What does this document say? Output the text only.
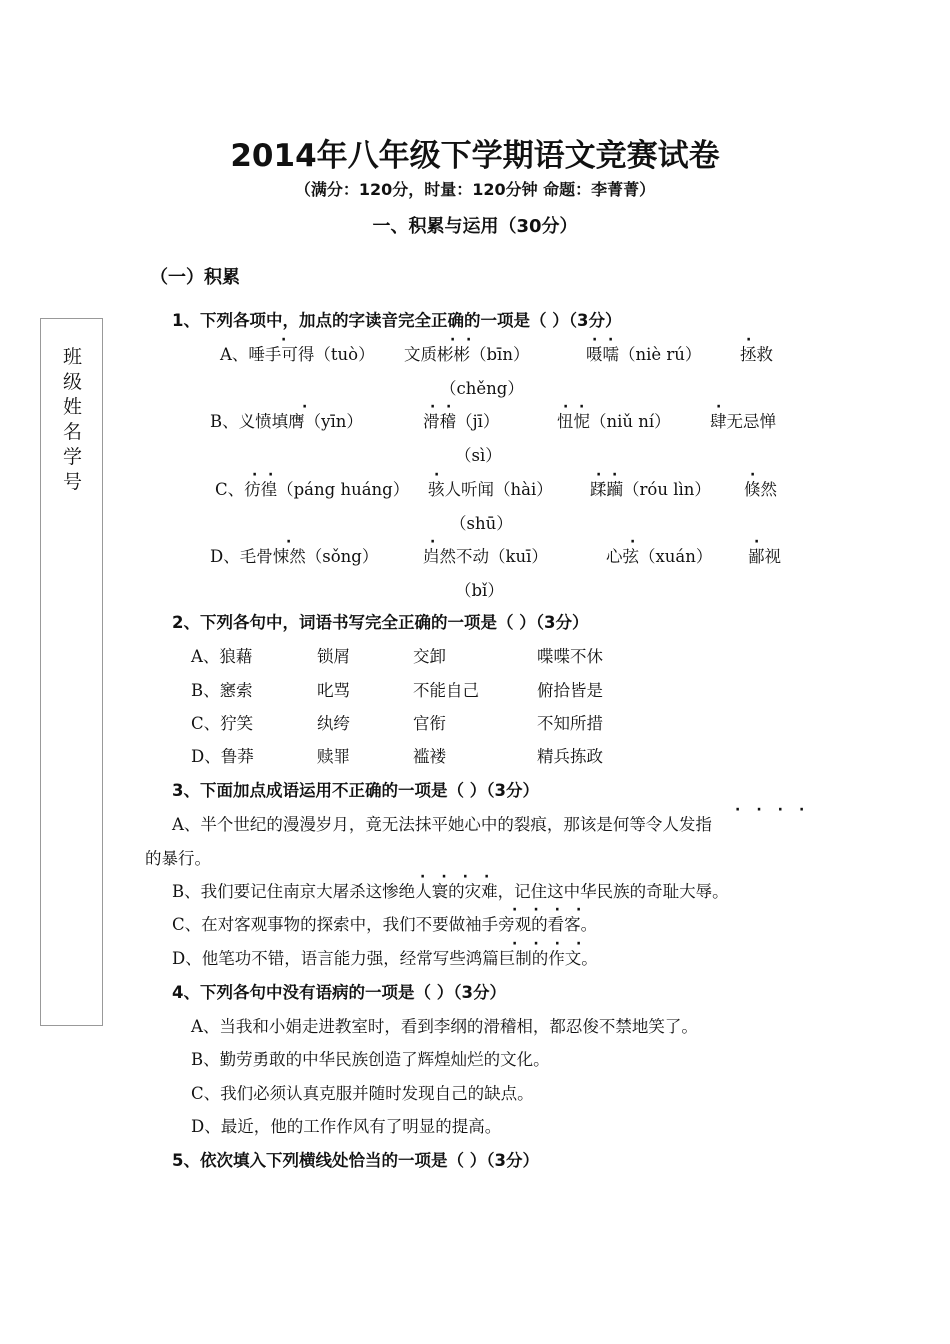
2014年八年级下学期语文竞赛试卷
（满分：120分，时量：120分钟 命题：李菁菁）
一、积累与运用（30分）
（一）积累
班
级
姓
名
学
号
1、下列各项中，加点的字读音完全正确的一项是（ ）（3分）
A、唾手可得（tuò） 文质彬彬（bīn）	嗫嚅（niè rú） 拯救
（chěng）
B、义愤填膺（yīn）	滑稽（jī）	忸怩（niǔ ní） 肆无忌惮
（sì）
C、彷徨（páng huáng） 骇人听闻（hài） 蹂躏（róu lìn） 倏然
（shū）
D、毛骨悚然（sǒng）	岿然不动（kuī）	心弦（xuán） 鄙视
（bǐ）
·	· ·	· ·	·
·	· ·	· ·	·
· ·	·	· ·	·
·	·	·	·
2、下列各句中，词语书写完全正确的一项是（ ）（3分）
A、狼藉	锁屑	交卸	喋喋不休
B、窸索	叱骂	不能自己	俯拾皆是
C、狞笑	纨绔	官衔	不知所措
D、鲁莽	赎罪	褴褛	精兵拣政
3、下面加点成语运用不正确的一项是（ ）（3分）
A、半个世纪的漫漫岁月，竟无法抹平她心中的裂痕，那该是何等令人发指
的暴行。
B、我们要记住南京大屠杀这惨绝人寰的灾难，记住这中华民族的奇耻大辱。
C、在对客观事物的探索中，我们不要做袖手旁观的看客。
D、他笔功不错，语言能力强，经常写些鸿篇巨制的作文。
····
····
····
····
4、下列各句中没有语病的一项是（ ）（3分）
A、当我和小娟走进教室时，看到李纲的滑稽相，都忍俊不禁地笑了。
B、勤劳勇敢的中华民族创造了辉煌灿烂的文化。
C、我们必须认真克服并随时发现自己的缺点。
D、最近，他的工作作风有了明显的提高。
5、依次填入下列横线处恰当的一项是（ ）（3分）
